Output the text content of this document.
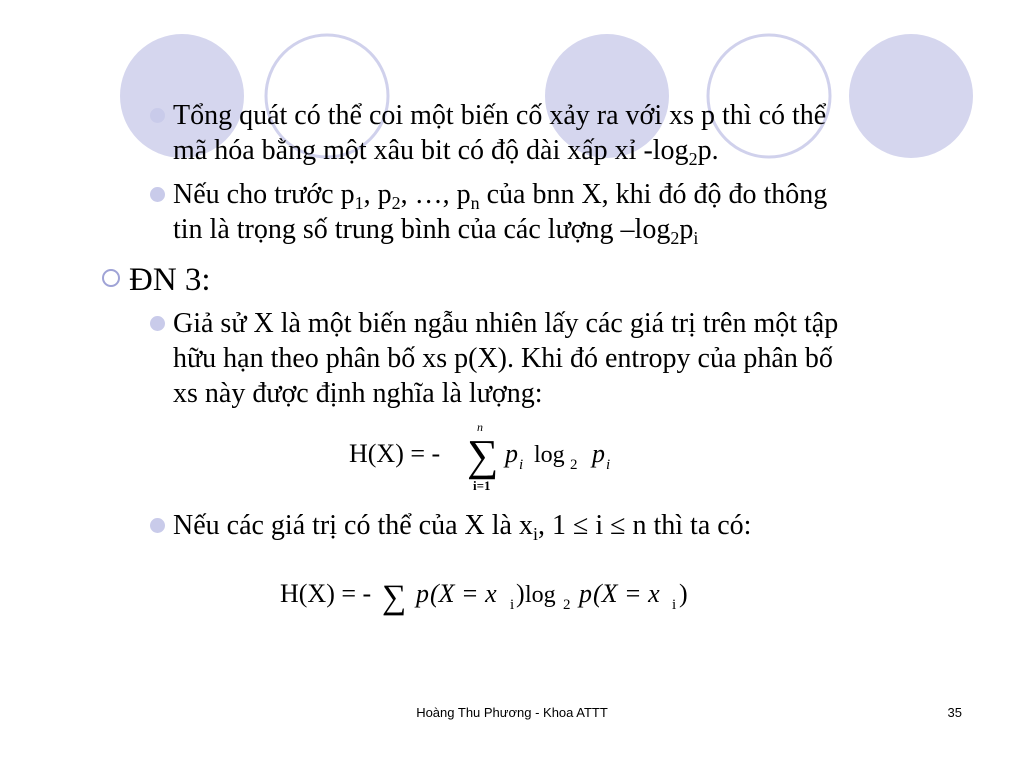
Tổng quát có thể coi một biến cố xảy ra với xs p thì có thể
mã hóa bằng một xâu bit có độ dài xấp xỉ $-\log_2p$.
Nếu cho trước $p_1$, $p_2$, …, $p_n$ của bnn X, khi đó độ đo thông
tin là trọng số trung bình của các lượng $-\log_2p_i$
ĐN 3:
Giả sử X là một biến ngẫu nhiên lấy các giá trị trên một tập
hữu hạn theo phân bố xs p(X). Khi đó entropy của phân bố
xs này được định nghĩa là lượng:
H(X) = -
n
∑
i=1
p i log 2 p i
Nếu các giá trị có thể của X là $x_i$, 1 ≤ i ≤ n thì ta có:
H(X) = - ∑ p (X = x i ) log 2 p (X = x i )
Hoàng Thu Phương - Khoa ATTT	35
